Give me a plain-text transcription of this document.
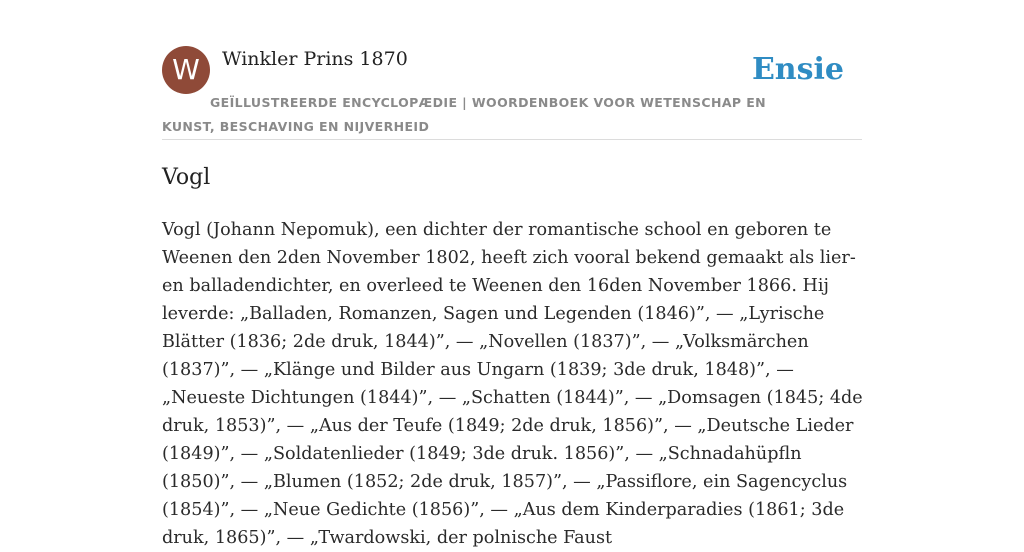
W	Winkler Prins 1870	Ensie
GEÏLLUSTREERDE ENCYCLOPÆDIE | WOORDENBOEK VOOR WETENSCHAP EN KUNST, BESCHAVING EN NIJVERHEID
Vogl

Vogl (Johann Nepomuk), een dichter der romantische school en geboren te Weenen den 2den November 1802, heeft zich vooral bekend gemaakt als lier- en balladendichter, en overleed te Weenen den 16den November 1866. Hij leverde: „Balladen, Romanzen, Sagen und Legenden (1846)”, — „Lyrische Blätter (1836; 2de druk, 1844)”, — „Novellen (1837)”, — „Volksmärchen (1837)”, — „Klänge und Bilder aus Ungarn (1839; 3de druk, 1848)”, — „Neueste Dichtungen (1844)”, — „Schatten (1844)”, — „Domsagen (1845; 4de druk, 1853)”, — „Aus der Teufe (1849; 2de druk, 1856)”, — „Deutsche Lieder (1849)”, — „Soldatenlieder (1849; 3de druk. 1856)”, — „Schnadahüpfln (1850)”, — „Blumen (1852; 2de druk, 1857)”, — „Passiflore, ein Sagencyclus (1854)”, — „Neue Gedichte (1856)”, — „Aus dem Kinderparadies (1861; 3de druk, 1865)”, — „Twardowski, der polnische Faust
